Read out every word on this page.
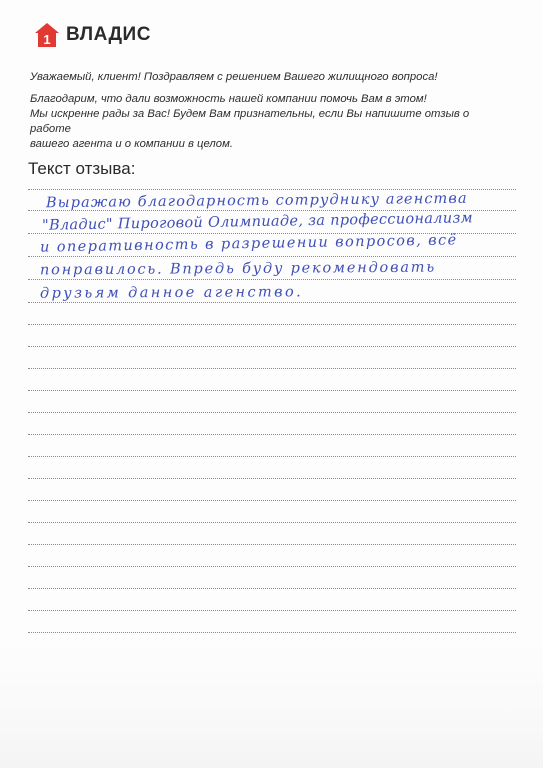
1 ВЛАДИС

Уважаемый, клиент! Поздравляем с решением Вашего жилищного вопроса!

Благодарим, что дали возможность нашей компании помочь Вам в этом!

Мы искренне рады за Вас! Будем Вам признательны, если Вы напишите отзыв о работе

вашего агента и о компании в целом.

Текст отзыва:
Выражаю благодарность сотруднику агенства
"Владис" Пироговой Олимпиаде, за профессионализм
и оперативность в разрешении вопросов, всё
понравилось. Впредь буду рекомендовать
друзьям данное агенство.
